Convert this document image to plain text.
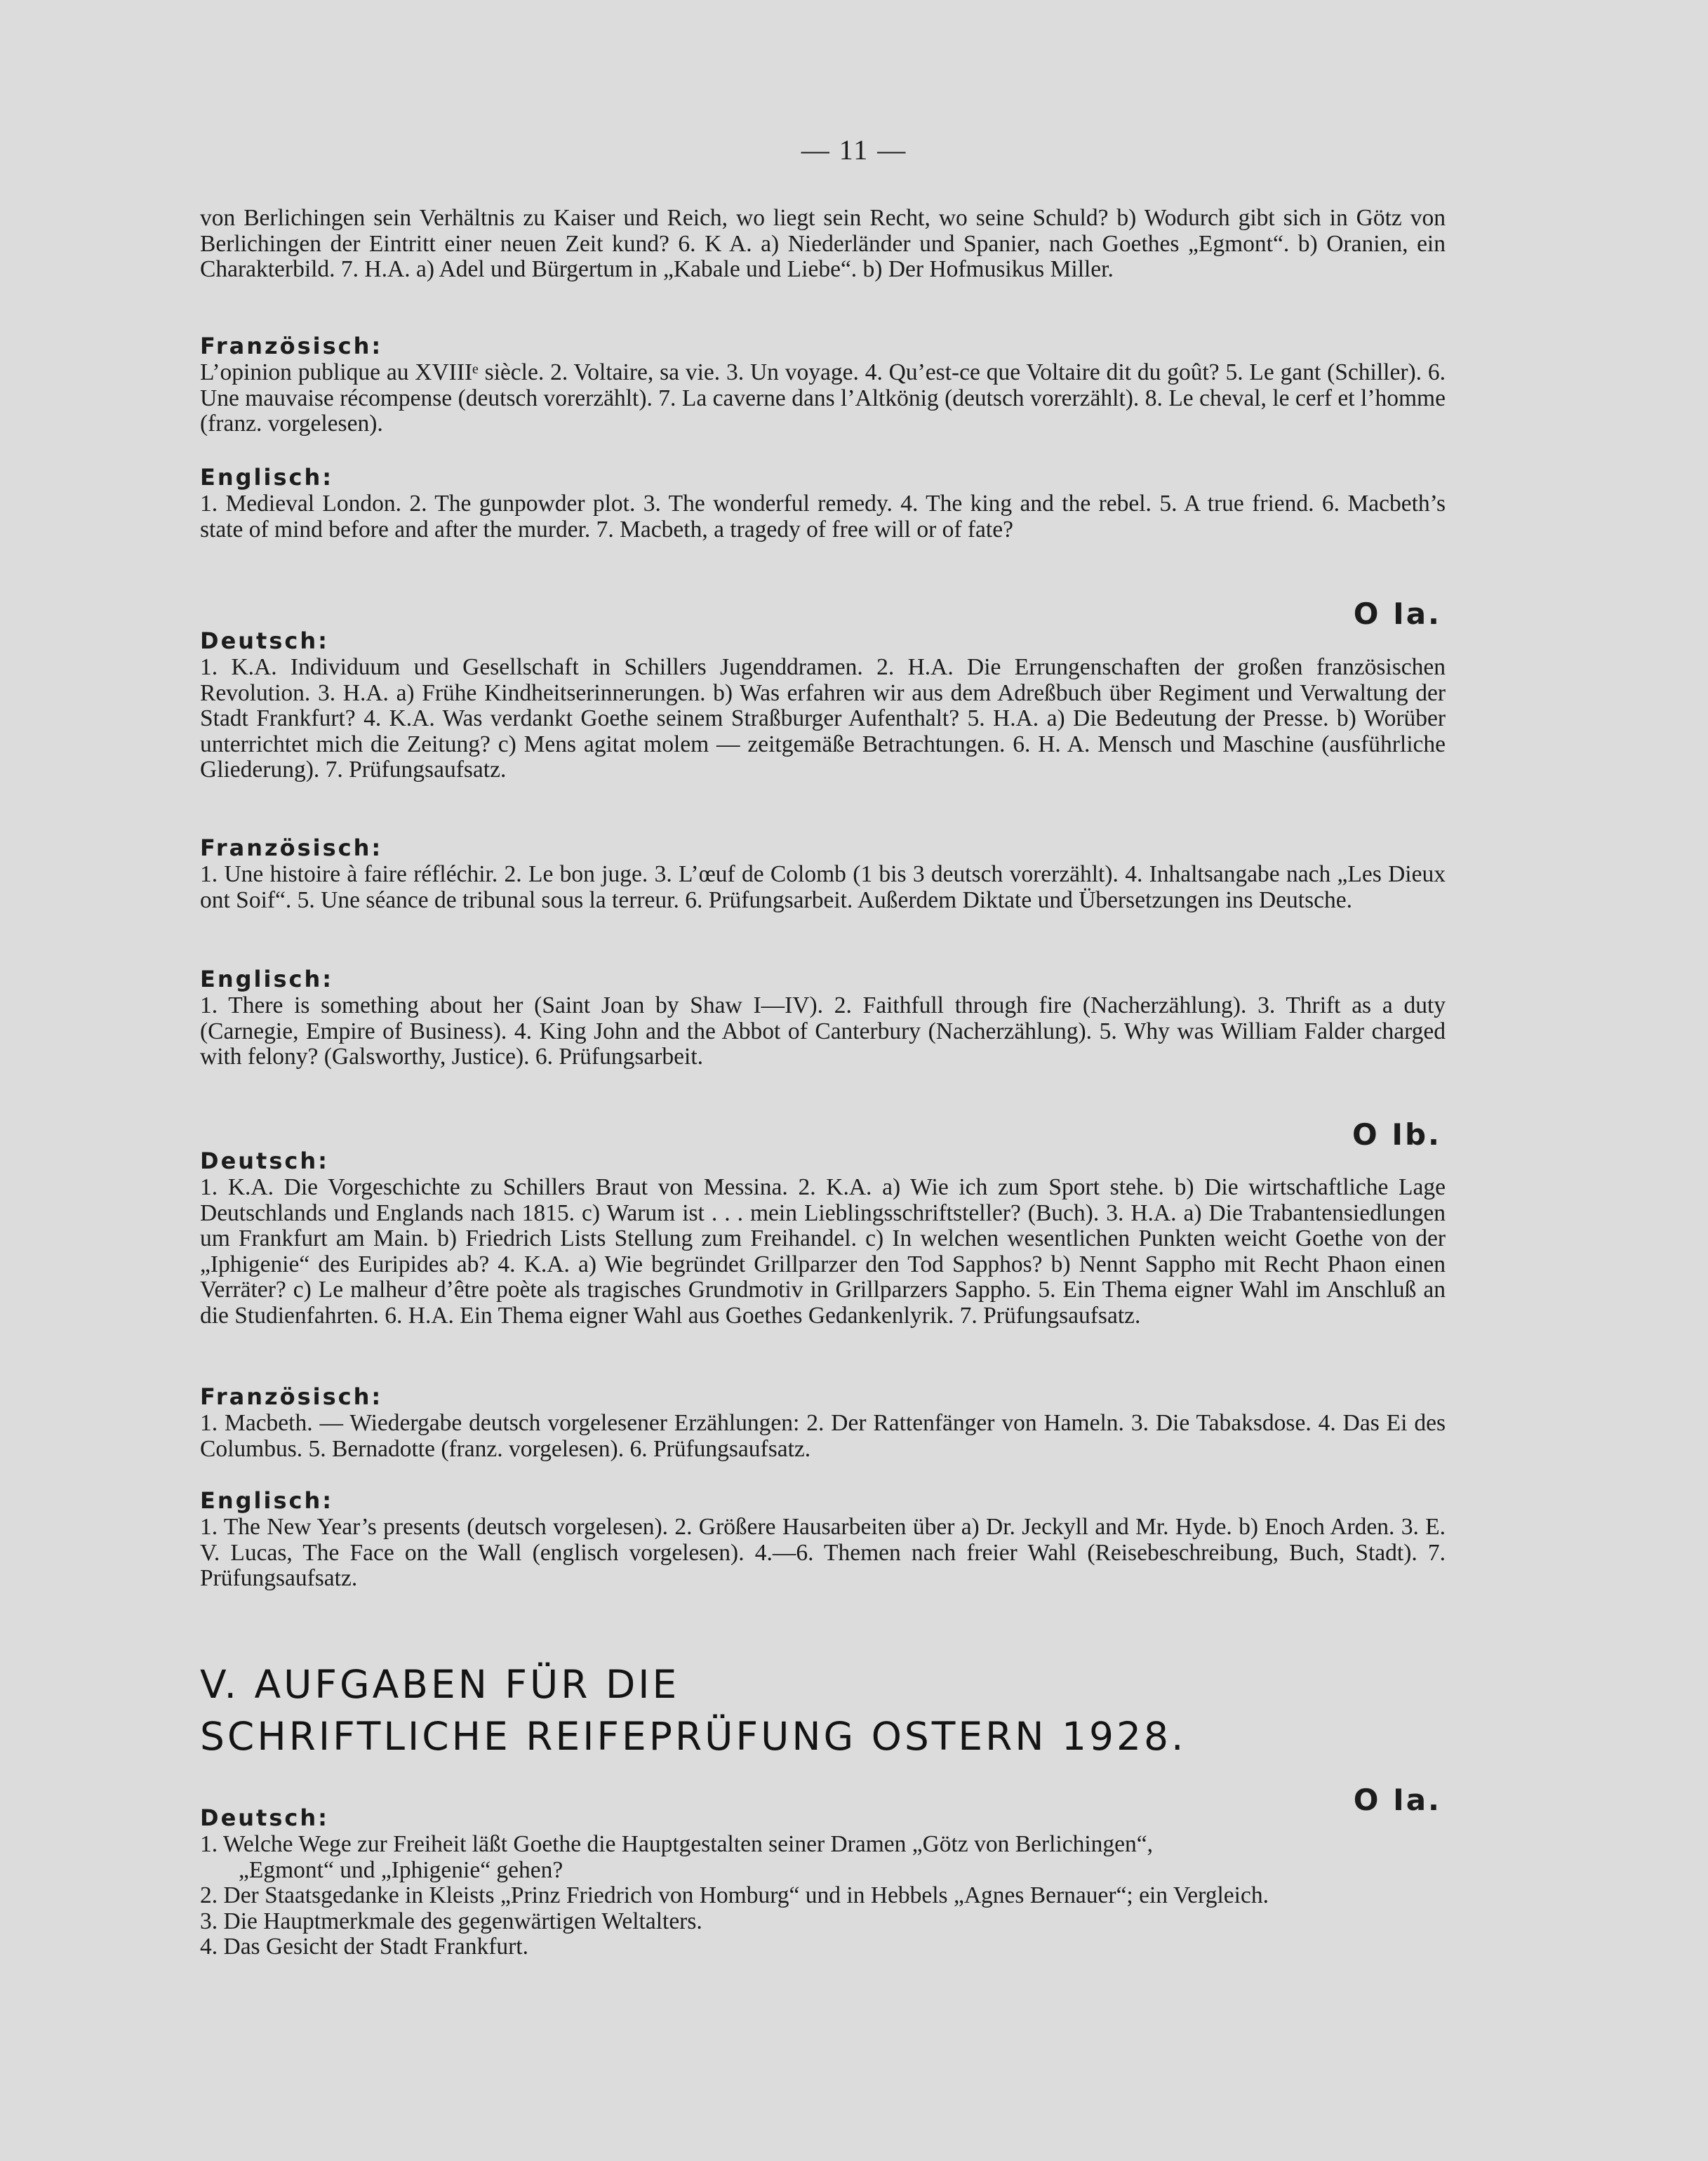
— 11 —

von Berlichingen sein Verhältnis zu Kaiser und Reich, wo liegt sein Recht, wo seine Schuld? b) Wodurch gibt sich in Götz von Berlichingen der Eintritt einer neuen Zeit kund? 6. K A. a) Niederländer und Spanier, nach Goethes „Egmont“. b) Oranien, ein Charakterbild. 7. H.A. a) Adel und Bürgertum in „Kabale und Liebe“. b) Der Hofmusikus Miller.

Französisch:

L’opinion publique au XVIIIᵉ siècle. 2. Voltaire, sa vie. 3. Un voyage. 4. Qu’est-ce que Voltaire dit du goût? 5. Le gant (Schiller). 6. Une mauvaise récompense (deutsch vorerzählt). 7. La caverne dans l’Altkönig (deutsch vorerzählt). 8. Le cheval, le cerf et l’homme (franz. vorgelesen).

Englisch:

1. Medieval London. 2. The gunpowder plot. 3. The wonderful remedy. 4. The king and the rebel. 5. A true friend. 6. Macbeth’s state of mind before and after the murder. 7. Macbeth, a tragedy of free will or of fate?

O Ia.

Deutsch:

1. K.A. Individuum und Gesellschaft in Schillers Jugenddramen. 2. H.A. Die Errungenschaften der großen französischen Revolution. 3. H.A. a) Frühe Kindheitserinnerungen. b) Was erfahren wir aus dem Adreßbuch über Regiment und Verwaltung der Stadt Frankfurt? 4. K.A. Was verdankt Goethe seinem Straßburger Aufenthalt? 5. H.A. a) Die Bedeutung der Presse. b) Worüber unterrichtet mich die Zeitung? c) Mens agitat molem — zeitgemäße Betrachtungen. 6. H. A. Mensch und Maschine (ausführliche Gliederung). 7. Prüfungsaufsatz.

Französisch:

1. Une histoire à faire réfléchir. 2. Le bon juge. 3. L’œuf de Colomb (1 bis 3 deutsch vorerzählt). 4. Inhaltsangabe nach „Les Dieux ont Soif“. 5. Une séance de tribunal sous la terreur. 6. Prüfungsarbeit. Außerdem Diktate und Übersetzungen ins Deutsche.

Englisch:

1. There is something about her (Saint Joan by Shaw I—IV). 2. Faithfull through fire (Nacherzählung). 3. Thrift as a duty (Carnegie, Empire of Business). 4. King John and the Abbot of Canterbury (Nacherzählung). 5. Why was William Falder charged with felony? (Galsworthy, Justice). 6. Prüfungsarbeit.

O Ib.

Deutsch:

1. K.A. Die Vorgeschichte zu Schillers Braut von Messina. 2. K.A. a) Wie ich zum Sport stehe. b) Die wirtschaftliche Lage Deutschlands und Englands nach 1815. c) Warum ist . . . mein Lieblingsschriftsteller? (Buch). 3. H.A. a) Die Trabantensiedlungen um Frankfurt am Main. b) Friedrich Lists Stellung zum Freihandel. c) In welchen wesentlichen Punkten weicht Goethe von der „Iphigenie“ des Euripides ab? 4. K.A. a) Wie begründet Grillparzer den Tod Sapphos? b) Nennt Sappho mit Recht Phaon einen Verräter? c) Le malheur d’être poète als tragisches Grundmotiv in Grillparzers Sappho. 5. Ein Thema eigner Wahl im Anschluß an die Studienfahrten. 6. H.A. Ein Thema eigner Wahl aus Goethes Gedankenlyrik. 7. Prüfungsaufsatz.

Französisch:

1. Macbeth. — Wiedergabe deutsch vorgelesener Erzählungen: 2. Der Rattenfänger von Hameln. 3. Die Tabaksdose. 4. Das Ei des Columbus. 5. Bernadotte (franz. vorgelesen). 6. Prüfungsaufsatz.

Englisch:

1. The New Year’s presents (deutsch vorgelesen). 2. Größere Hausarbeiten über a) Dr. Jeckyll and Mr. Hyde. b) Enoch Arden. 3. E. V. Lucas, The Face on the Wall (englisch vorgelesen). 4.—6. Themen nach freier Wahl (Reisebeschreibung, Buch, Stadt). 7. Prüfungsaufsatz.

V. AUFGABEN FÜR DIE

SCHRIFTLICHE REIFEPRÜFUNG OSTERN 1928.

O Ia.

Deutsch:

1. Welche Wege zur Freiheit läßt Goethe die Hauptgestalten seiner Dramen „Götz von Berlichingen“,
„Egmont“ und „Iphigenie“ gehen?
2. Der Staatsgedanke in Kleists „Prinz Friedrich von Homburg“ und in Hebbels „Agnes Bernauer“; ein Vergleich.
3. Die Hauptmerkmale des gegenwärtigen Weltalters.
4. Das Gesicht der Stadt Frankfurt.
